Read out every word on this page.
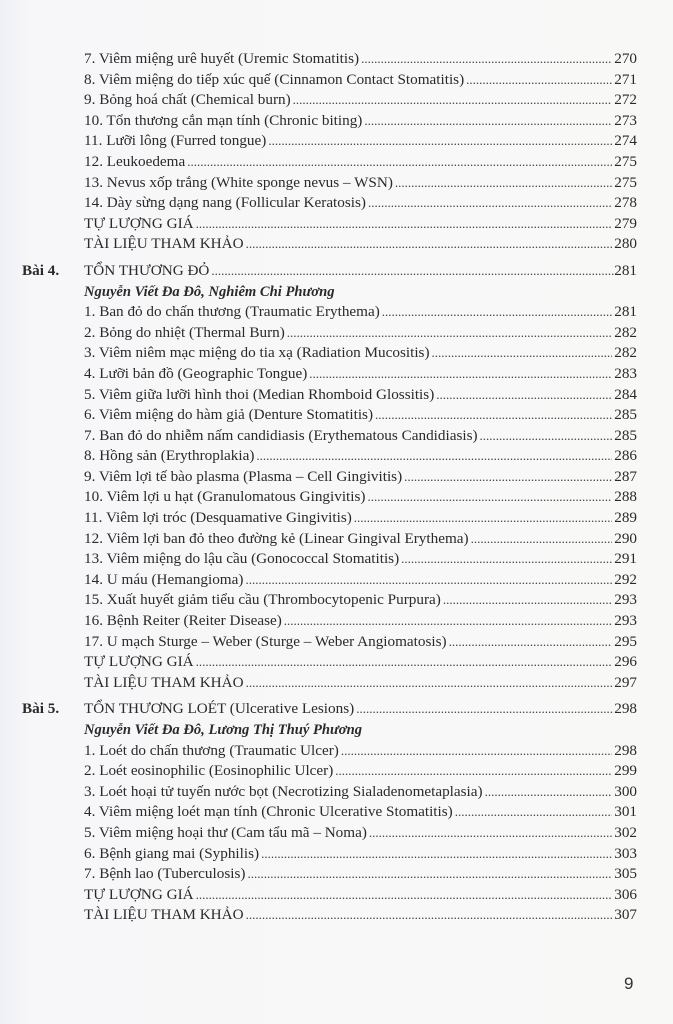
7. Viêm miệng urê huyết (Uremic Stomatitis) .....	270
8. Viêm miệng do tiếp xúc quế (Cinnamon Contact Stomatitis) .....	271
9. Bỏng hoá chất (Chemical burn) .....	272
10. Tổn thương cắn mạn tính (Chronic biting) .....	273
11. Lưỡi lông (Furred tongue) .....	274
12. Leukoedema .....	275
13. Nevus xốp trắng (White sponge nevus – WSN) .....	275
14. Dày sừng dạng nang (Follicular Keratosis) .....	278
TỰ LƯỢNG GIÁ .....	279
TÀI LIỆU THAM KHẢO .....	280
Bài 4. TỔN THƯƠNG ĐỎ .....	281
Nguyễn Viết Đa Đô, Nghiêm Chi Phương
1. Ban đỏ do chấn thương (Traumatic Erythema) .....	281
2. Bỏng do nhiệt (Thermal Burn) .....	282
3. Viêm niêm mạc miệng do tia xạ (Radiation Mucositis) .....	282
4. Lưỡi bản đồ (Geographic Tongue) .....	283
5. Viêm giữa lưỡi hình thoi (Median Rhomboid Glossitis) .....	284
6. Viêm miệng do hàm giả (Denture Stomatitis) .....	285
7. Ban đỏ do nhiễm nấm candidiasis (Erythematous Candidiasis) .....	285
8. Hồng sản (Erythroplakia) .....	286
9. Viêm lợi tế bào plasma (Plasma – Cell Gingivitis) .....	287
10. Viêm lợi u hạt (Granulomatous Gingivitis) .....	288
11. Viêm lợi tróc (Desquamative Gingivitis) .....	289
12. Viêm lợi ban đỏ theo đường kẻ (Linear Gingival Erythema) .....	290
13. Viêm miệng do lậu cầu (Gonococcal Stomatitis) .....	291
14. U máu (Hemangioma) .....	292
15. Xuất huyết giảm tiểu cầu (Thrombocytopenic Purpura) .....	293
16. Bệnh Reiter (Reiter Disease) .....	293
17. U mạch Sturge – Weber (Sturge – Weber Angiomatosis) .....	295
TỰ LƯỢNG GIÁ .....	296
TÀI LIỆU THAM KHẢO .....	297
Bài 5. TỔN THƯƠNG LOÉT (Ulcerative Lesions) .....	298
Nguyễn Viết Đa Đô, Lương Thị Thuý Phương
1. Loét do chấn thương (Traumatic Ulcer) .....	298
2. Loét eosinophilic (Eosinophilic Ulcer) .....	299
3. Loét hoại tử tuyến nước bọt (Necrotizing Sialadenometaplasia) .....	300
4. Viêm miệng loét mạn tính (Chronic Ulcerative Stomatitis) .....	301
5. Viêm miệng hoại thư (Cam tẩu mã – Noma) .....	302
6. Bệnh giang mai (Syphilis) .....	303
7. Bệnh lao (Tuberculosis) .....	305
TỰ LƯỢNG GIÁ .....	306
TÀI LIỆU THAM KHẢO .....	307
9
